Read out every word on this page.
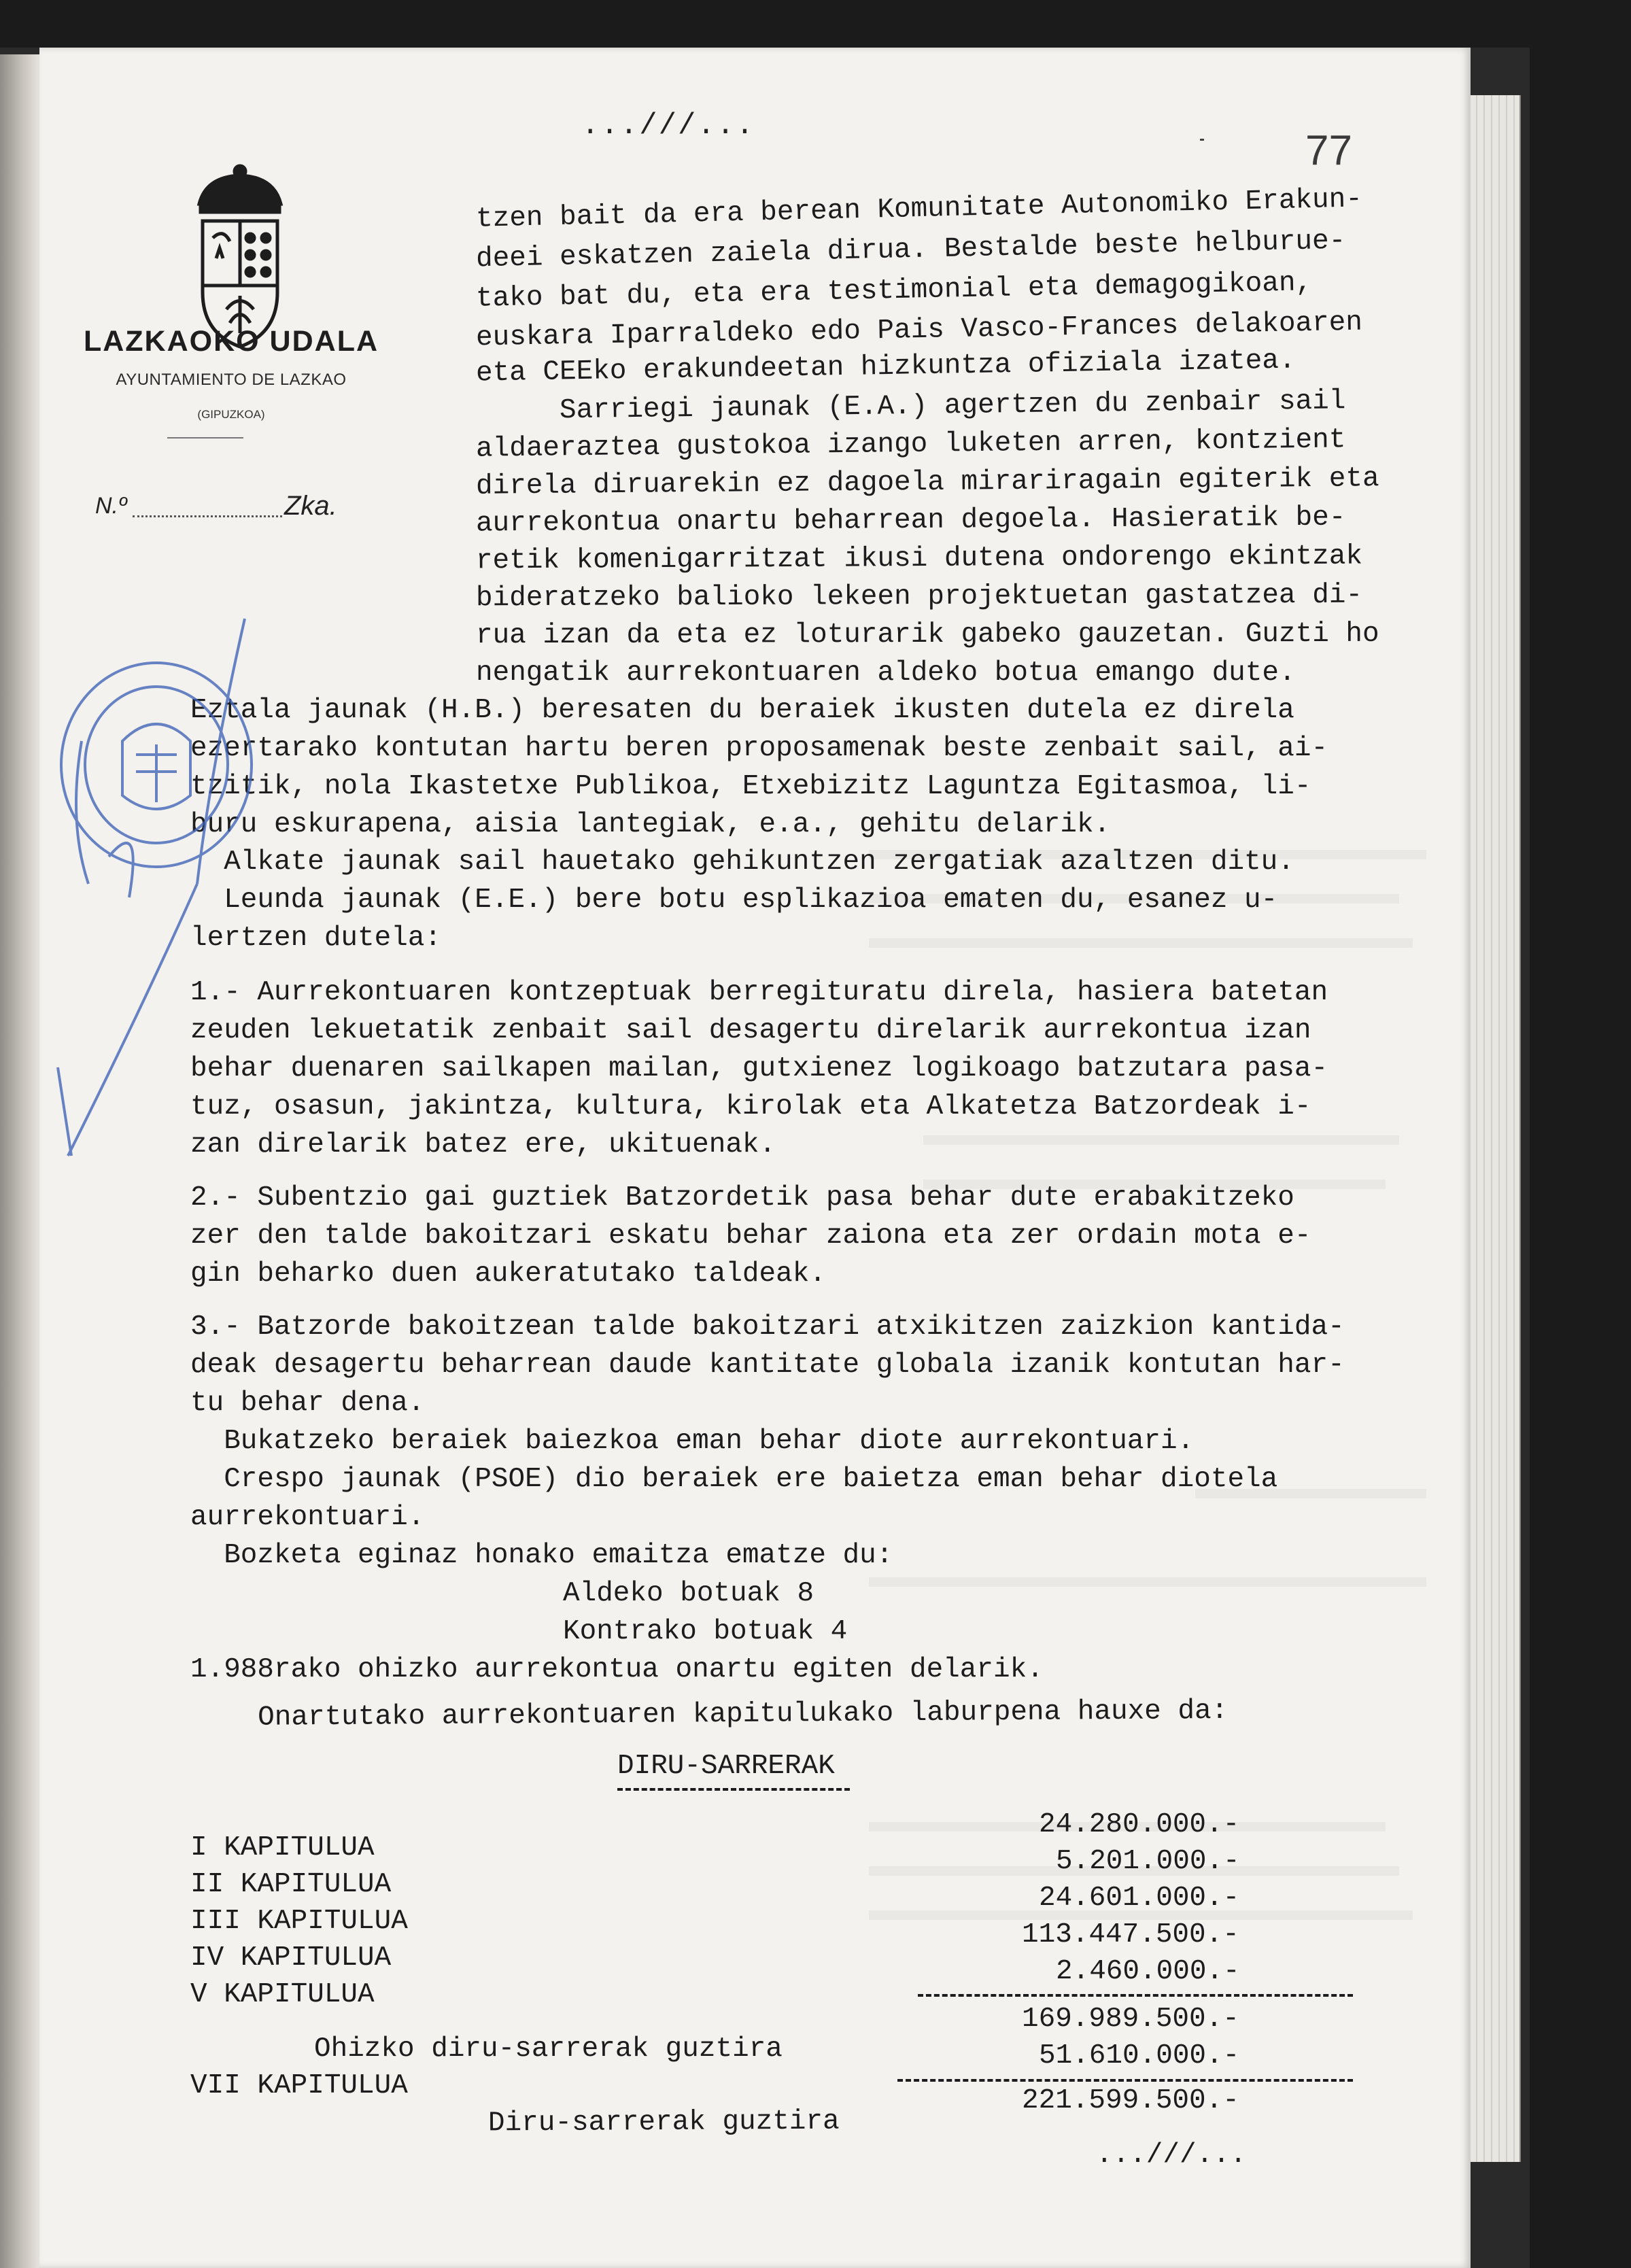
LAZKAOKO UDALA
AYUNTAMIENTO DE LAZKAO
(GIPUZKOA)
N.º	Zka.
...///...
77
tzen bait da era berean Komunitate Autonomiko Erakun-
deei eskatzen zaiela dirua. Bestalde beste helburue-
tako bat du, eta era testimonial eta demagogikoan,
euskara Iparraldeko edo Pais Vasco-Frances delakoaren
eta CEEko erakundeetan hizkuntza ofiziala izatea.
Sarriegi jaunak (E.A.) agertzen du zenbair sail
aldaeraztea gustokoa izango luketen arren, kontzient
direla diruarekin ez dagoela mirariragain egiterik eta
aurrekontua onartu beharrean degoela. Hasieratik be-
retik komenigarritzat ikusi dutena ondorengo ekintzak
bideratzeko balioko lekeen projektuetan gastatzea di-
rua izan da eta ez loturarik gabeko gauzetan. Guzti ho
nengatik aurrekontuaren aldeko botua emango dute.
Eztala jaunak (H.B.) beresaten du beraiek ikusten dutela ez direla
ezertarako kontutan hartu beren proposamenak beste zenbait sail, ai-
tzitik, nola Ikastetxe Publikoa, Etxebizitz Laguntza Egitasmoa, li-
buru eskurapena, aisia lantegiak, e.a., gehitu delarik.
Alkate jaunak sail hauetako gehikuntzen zergatiak azaltzen ditu.
Leunda jaunak (E.E.) bere botu esplikazioa ematen du, esanez u-
lertzen dutela:
1.- Aurrekontuaren kontzeptuak berregituratu direla, hasiera batetan
zeuden lekuetatik zenbait sail desagertu direlarik aurrekontua izan
behar duenaren sailkapen mailan, gutxienez logikoago batzutara pasa-
tuz, osasun, jakintza, kultura, kirolak eta Alkatetza Batzordeak i-
zan direlarik batez ere, ukituenak.
2.- Subentzio gai guztiek Batzordetik pasa behar dute erabakitzeko
zer den talde bakoitzari eskatu behar zaiona eta zer ordain mota e-
gin beharko duen aukeratutako taldeak.
3.- Batzorde bakoitzean talde bakoitzari atxikitzen zaizkion kantida-
deak desagertu beharrean daude kantitate globala izanik kontutan har-
tu behar dena.
Bukatzeko beraiek baiezkoa eman behar diote aurrekontuari.
Crespo jaunak (PSOE) dio beraiek ere baietza eman behar diotela
aurrekontuari.
Bozketa eginaz honako emaitza ematze du:
Aldeko botuak 8
Kontrako botuak 4
1.988rako ohizko aurrekontua onartu egiten delarik.
Onartutako aurrekontuaren kapitulukako laburpena hauxe da:
DIRU-SARRERAK
I KAPITULUA
24.280.000.-
II KAPITULUA
5.201.000.-
III KAPITULUA
24.601.000.-
IV KAPITULUA
113.447.500.-
V KAPITULUA
2.460.000.-
Ohizko diru-sarrerak guztira
169.989.500.-
VII KAPITULUA
51.610.000.-
Diru-sarrerak guztira
221.599.500.-
...///...
